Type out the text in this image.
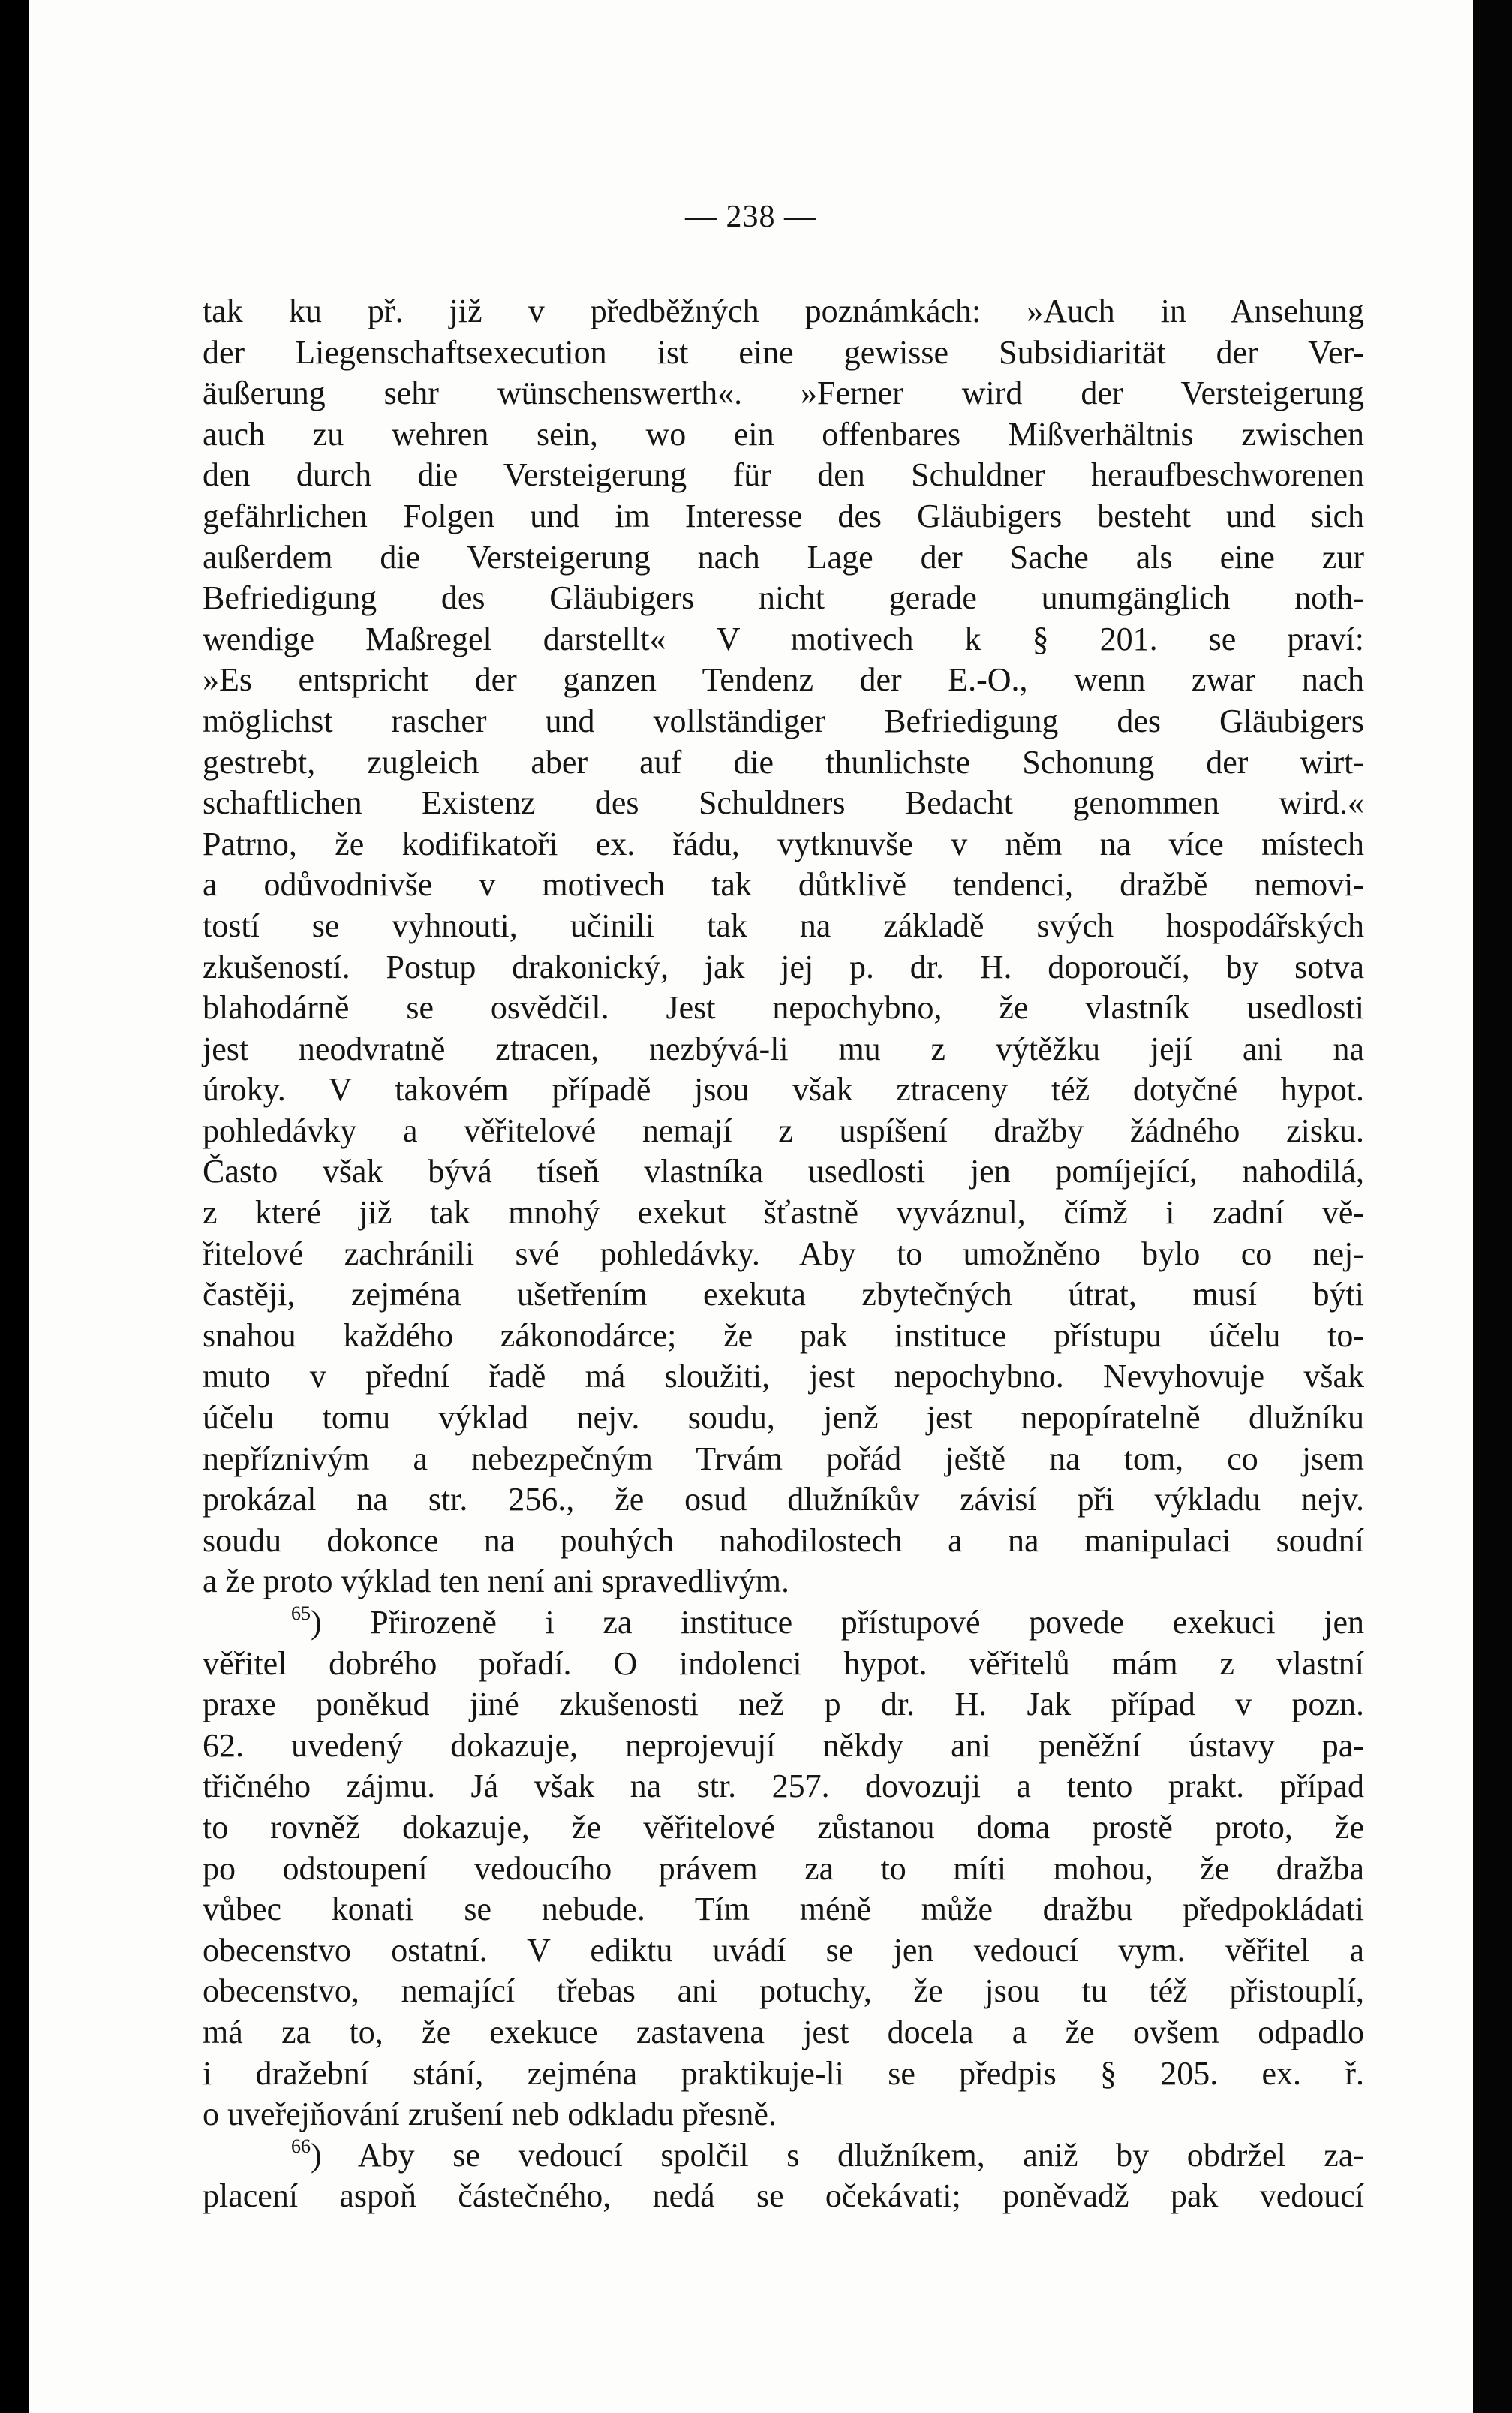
— 238 —
tak ku př. již v předběžných poznámkách: »Auch in Ansehung
der Liegenschaftsexecution ist eine gewisse Subsidiarität der Ver-
äußerung sehr wünschenswerth«. »Ferner wird der Versteigerung
auch zu wehren sein, wo ein offenbares Mißverhältnis zwischen
den durch die Versteigerung für den Schuldner heraufbeschworenen
gefährlichen Folgen und im Interesse des Gläubigers besteht und sich
außerdem die Versteigerung nach Lage der Sache als eine zur
Befriedigung des Gläubigers nicht gerade unumgänglich noth-
wendige Maßregel darstellt« V motivech k § 201. se praví:
»Es entspricht der ganzen Tendenz der E.-O., wenn zwar nach
möglichst rascher und vollständiger Befriedigung des Gläubigers
gestrebt, zugleich aber auf die thunlichste Schonung der wirt-
schaftlichen Existenz des Schuldners Bedacht genommen wird.«
Patrno, že kodifikatoři ex. řádu, vytknuvše v něm na více místech
a odůvodnivše v motivech tak důtklivě tendenci, dražbě nemovi-
tostí se vyhnouti, učinili tak na základě svých hospodářských
zkušeností. Postup drakonický, jak jej p. dr. H. doporoučí, by sotva
blahodárně se osvědčil. Jest nepochybno, že vlastník usedlosti
jest neodvratně ztracen, nezbývá-li mu z výtěžku její ani na
úroky. V takovém případě jsou však ztraceny též dotyčné hypot.
pohledávky a věřitelové nemají z uspíšení dražby žádného zisku.
Často však bývá tíseň vlastníka usedlosti jen pomíjející, nahodilá,
z které již tak mnohý exekut šťastně vyváznul, čímž i zadní vě-
řitelové zachránili své pohledávky. Aby to umožněno bylo co nej-
častěji, zejména ušetřením exekuta zbytečných útrat, musí býti
snahou každého zákonodárce; že pak instituce přístupu účelu to-
muto v přední řadě má sloužiti, jest nepochybno. Nevyhovuje však
účelu tomu výklad nejv. soudu, jenž jest nepopíratelně dlužníku
nepříznivým a nebezpečným Trvám pořád ještě na tom, co jsem
prokázal na str. 256., že osud dlužníkův závisí při výkladu nejv.
soudu dokonce na pouhých nahodilostech a na manipulaci soudní
a že proto výklad ten není ani spravedlivým.
$^{65}$) Přirozeně i za instituce přístupové povede exekuci jen
věřitel dobrého pořadí. O indolenci hypot. věřitelů mám z vlastní
praxe poněkud jiné zkušenosti než p dr. H. Jak případ v pozn.
62. uvedený dokazuje, neprojevují někdy ani peněžní ústavy pa-
třičného zájmu. Já však na str. 257. dovozuji a tento prakt. případ
to rovněž dokazuje, že věřitelové zůstanou doma prostě proto, že
po odstoupení vedoucího právem za to míti mohou, že dražba
vůbec konati se nebude. Tím méně může dražbu předpokládati
obecenstvo ostatní. V ediktu uvádí se jen vedoucí vym. věřitel a
obecenstvo, nemající třebas ani potuchy, že jsou tu též přistouplí,
má za to, že exekuce zastavena jest docela a že ovšem odpadlo
i dražební stání, zejména praktikuje-li se předpis § 205. ex. ř.
o uveřejňování zrušení neb odkladu přesně.
$^{66}$) Aby se vedoucí spolčil s dlužníkem, aniž by obdržel za-
placení aspoň částečného, nedá se očekávati; poněvadž pak vedoucí
